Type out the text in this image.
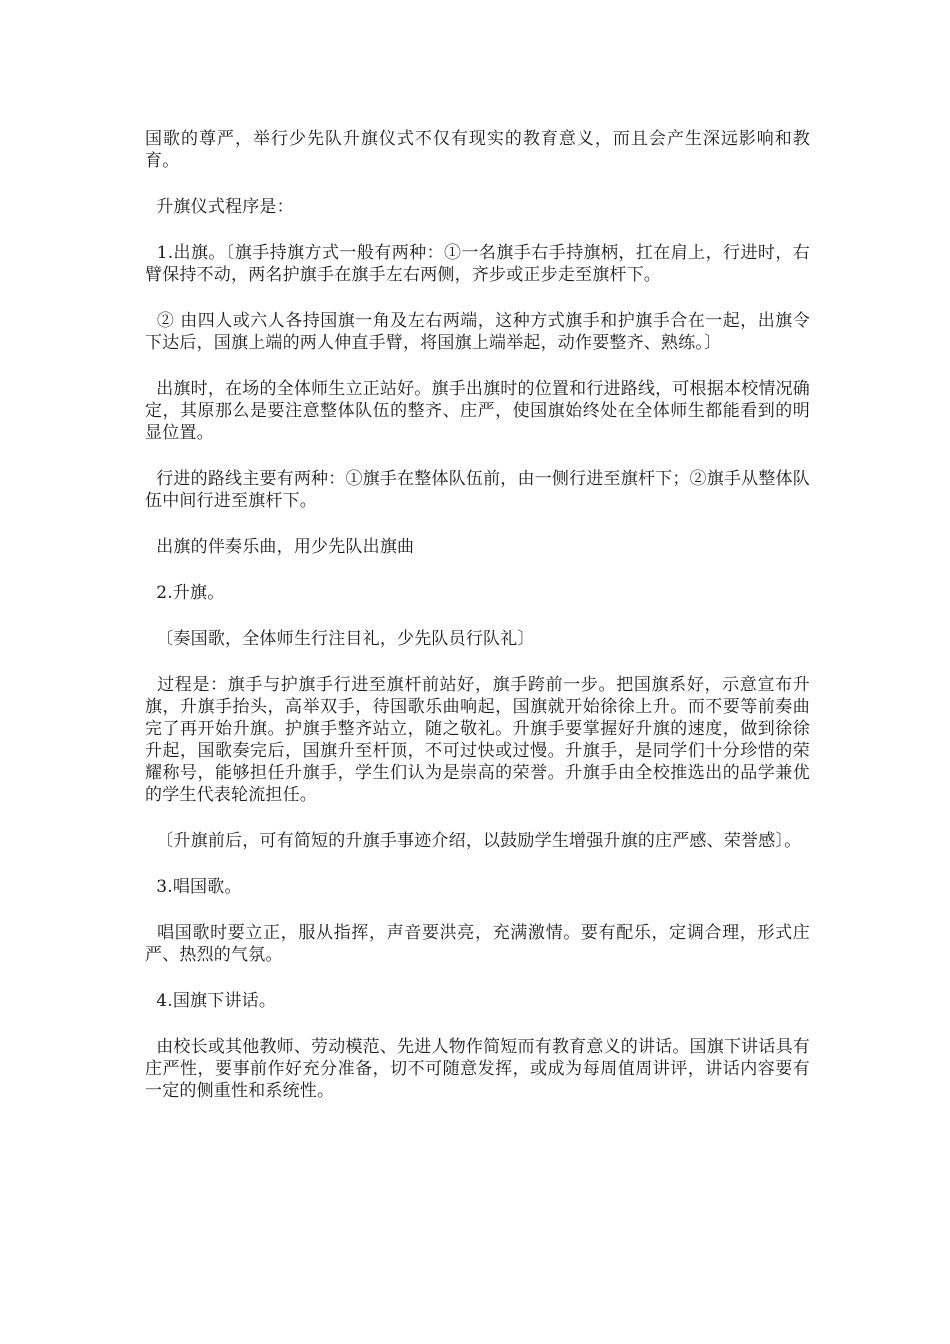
国歌的尊严，举行少先队升旗仪式不仅有现实的教育意义，而且会产生深远影响和教育。

升旗仪式程序是：

1.出旗。〔旗手持旗方式一般有两种：①一名旗手右手持旗柄，扛在肩上，行进时，右臂保持不动，两名护旗手在旗手左右两侧，齐步或正步走至旗杆下。

② 由四人或六人各持国旗一角及左右两端，这种方式旗手和护旗手合在一起，出旗令下达后，国旗上端的两人伸直手臂，将国旗上端举起，动作要整齐、熟练。〕

出旗时，在场的全体师生立正站好。旗手出旗时的位置和行进路线，可根据本校情况确定，其原那么是要注意整体队伍的整齐、庄严，使国旗始终处在全体师生都能看到的明显位置。

行进的路线主要有两种：①旗手在整体队伍前，由一侧行进至旗杆下；②旗手从整体队伍中间行进至旗杆下。

出旗的伴奏乐曲，用少先队出旗曲

2.升旗。

〔奏国歌，全体师生行注目礼，少先队员行队礼〕

过程是：旗手与护旗手行进至旗杆前站好，旗手跨前一步。把国旗系好，示意宣布升旗，升旗手抬头，高举双手，待国歌乐曲响起，国旗就开始徐徐上升。而不要等前奏曲完了再开始升旗。护旗手整齐站立，随之敬礼。升旗手要掌握好升旗的速度，做到徐徐升起，国歌奏完后，国旗升至杆顶，不可过快或过慢。升旗手，是同学们十分珍惜的荣耀称号，能够担任升旗手，学生们认为是崇高的荣誉。升旗手由全校推选出的品学兼优的学生代表轮流担任。

〔升旗前后，可有简短的升旗手事迹介绍，以鼓励学生增强升旗的庄严感、荣誉感〕。

3.唱国歌。

唱国歌时要立正，服从指挥，声音要洪亮，充满激情。要有配乐，定调合理，形式庄严、热烈的气氛。

4.国旗下讲话。

由校长或其他教师、劳动模范、先进人物作简短而有教育意义的讲话。国旗下讲话具有庄严性，要事前作好充分准备，切不可随意发挥，或成为每周值周讲评，讲话内容要有一定的侧重性和系统性。
